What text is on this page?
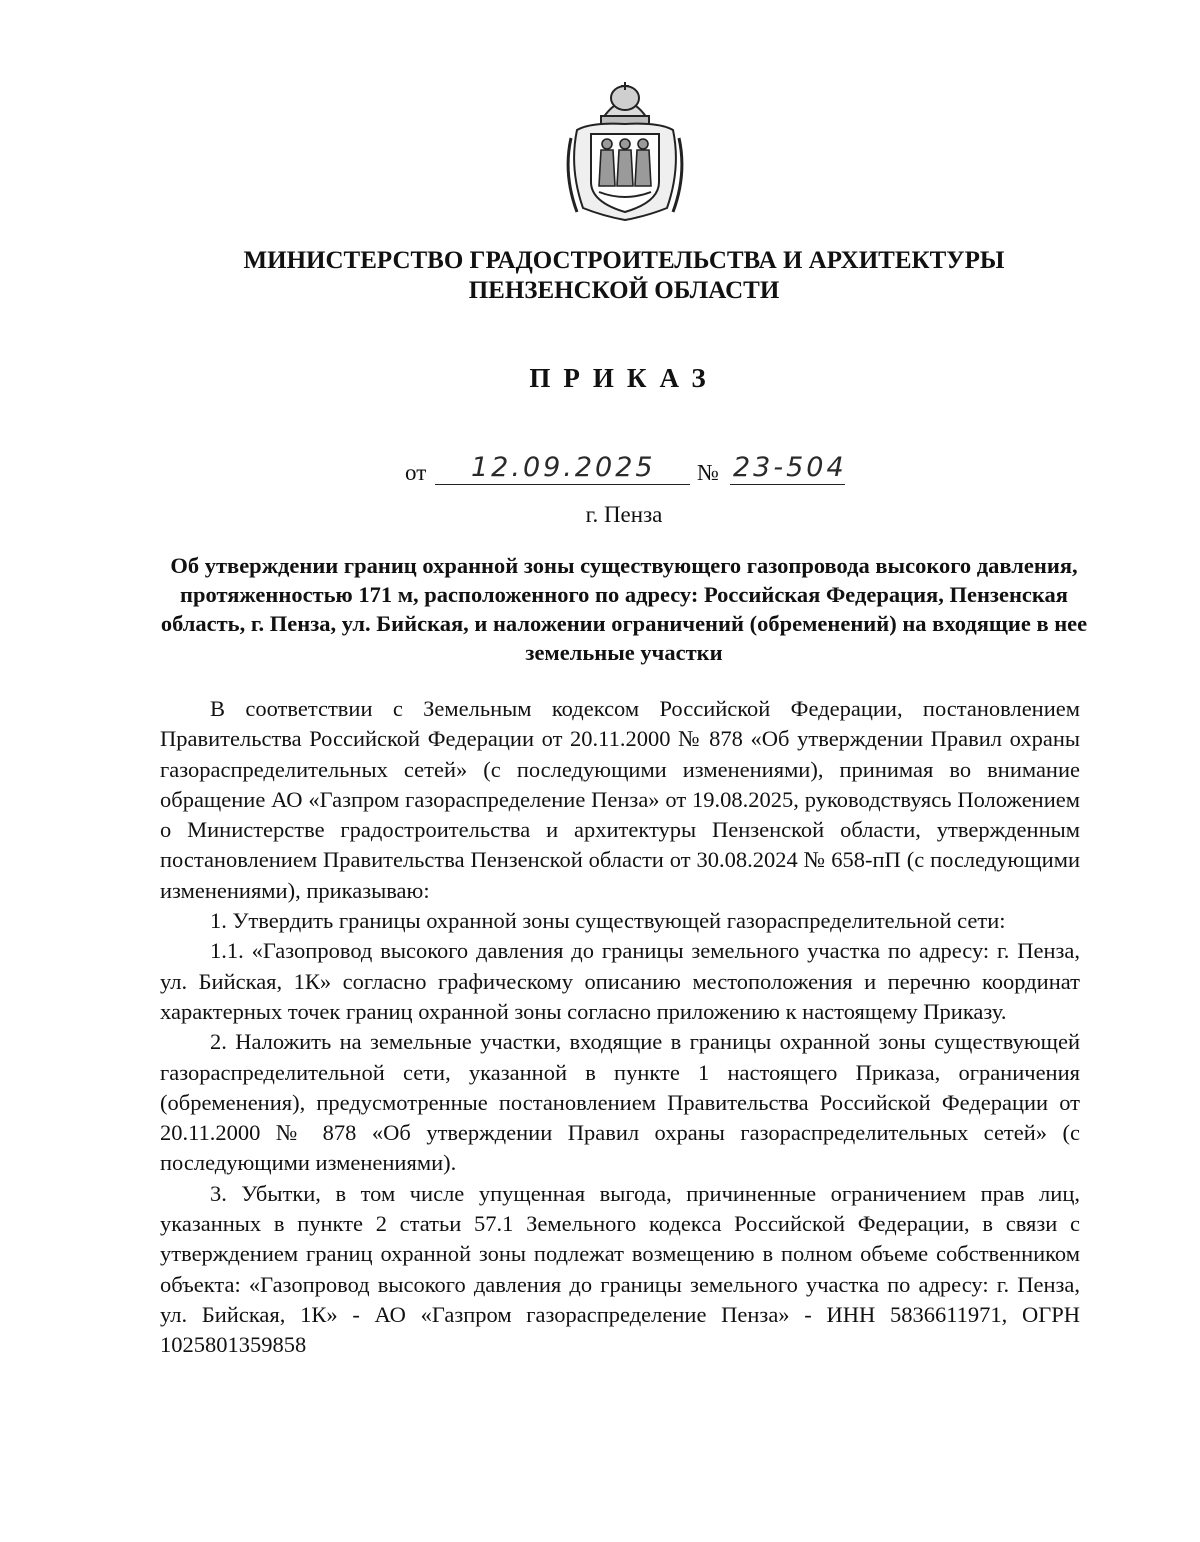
МИНИСТЕРСТВО ГРАДОСТРОИТЕЛЬСТВА И АРХИТЕКТУРЫ
ПЕНЗЕНСКОЙ ОБЛАСТИ
ПРИКАЗ
от 12.09.2025 № 23-504
г. Пенза
Об утверждении границ охранной зоны существующего газопровода высокого давления, протяженностью 171 м, расположенного по адресу: Российская Федерация, Пензенская область, г. Пенза, ул. Бийская, и наложении ограничений (обременений) на входящие в нее земельные участки

В соответствии с Земельным кодексом Российской Федерации, постановлением Правительства Российской Федерации от 20.11.2000 № 878 «Об утверждении Правил охраны газораспределительных сетей» (с последующими изменениями), принимая во внимание обращение АО «Газпром газораспределение Пенза» от 19.08.2025, руководствуясь Положением о Министерстве градостроительства и архитектуры Пензенской области, утвержденным постановлением Правительства Пензенской области от 30.08.2024 № 658-пП (с последующими изменениями), приказываю:

1. Утвердить границы охранной зоны существующей газораспределительной сети:

1.1. «Газопровод высокого давления до границы земельного участка по адресу: г. Пенза, ул. Бийская, 1К» согласно графическому описанию местоположения и перечню координат характерных точек границ охранной зоны согласно приложению к настоящему Приказу.

2. Наложить на земельные участки, входящие в границы охранной зоны существующей газораспределительной сети, указанной в пункте 1 настоящего Приказа, ограничения (обременения), предусмотренные постановлением Правительства Российской Федерации от 20.11.2000 № 878 «Об утверждении Правил охраны газораспределительных сетей» (с последующими изменениями).

3. Убытки, в том числе упущенная выгода, причиненные ограничением прав лиц, указанных в пункте 2 статьи 57.1 Земельного кодекса Российской Федерации, в связи с утверждением границ охранной зоны подлежат возмещению в полном объеме собственником объекта: «Газопровод высокого давления до границы земельного участка по адресу: г. Пенза, ул. Бийская, 1К» - АО «Газпром газораспределение Пенза» - ИНН 5836611971, ОГРН 1025801359858
